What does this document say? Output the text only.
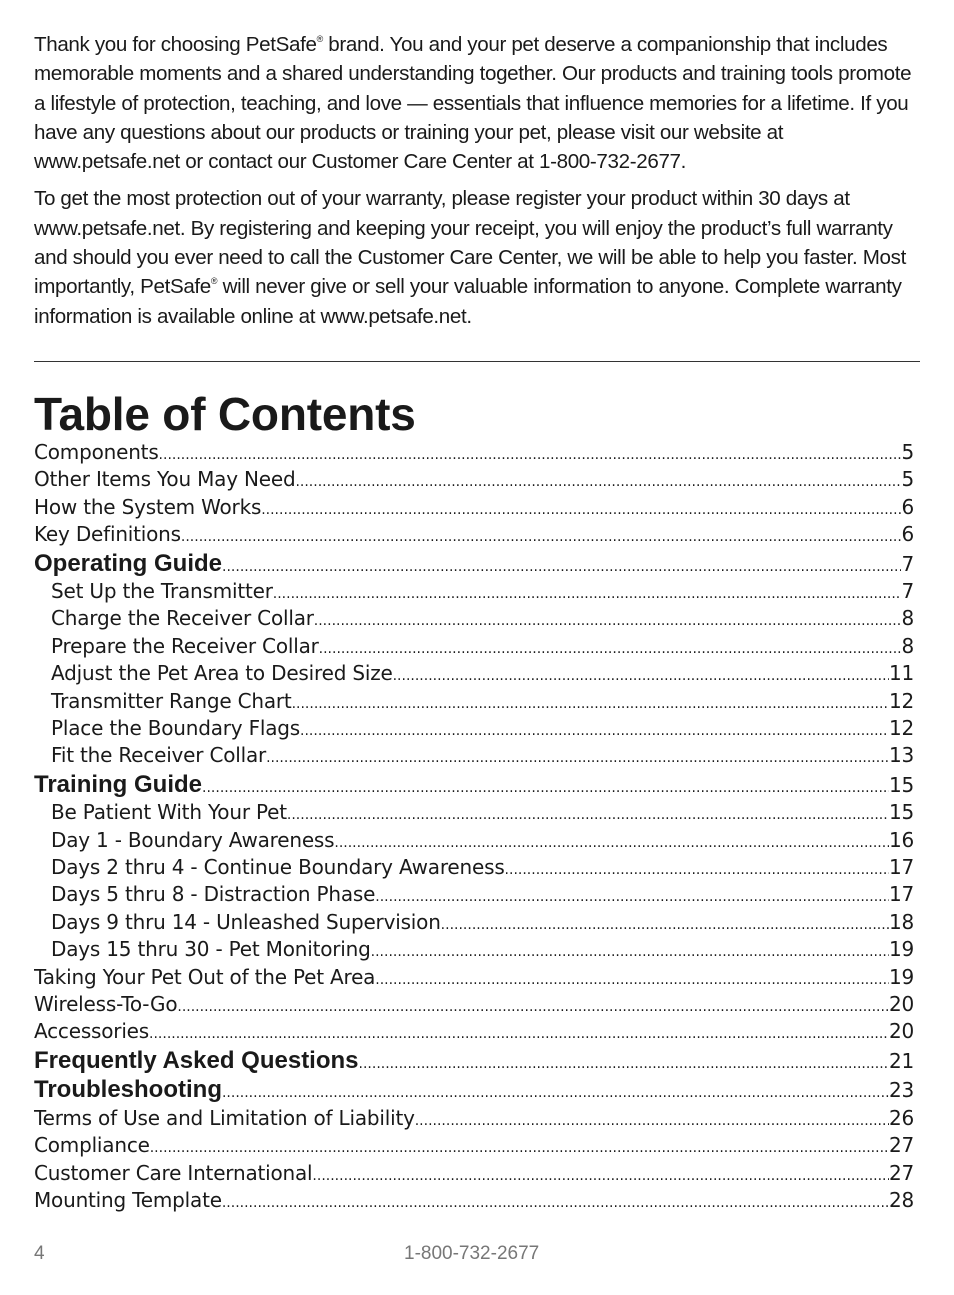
Thank you for choosing PetSafe® brand. You and your pet deserve a companionship that includes memorable moments and a shared understanding together. Our products and training tools promote a lifestyle of protection, teaching, and love — essentials that influence memories for a lifetime. If you have any questions about our products or training your pet, please visit our website at www.petsafe.net or contact our Customer Care Center at 1-800-732-2677.

To get the most protection out of your warranty, please register your product within 30 days at www.petsafe.net. By registering and keeping your receipt, you will enjoy the product’s full warranty and should you ever need to call the Customer Care Center, we will be able to help you faster. Most importantly, PetSafe® will never give or sell your valuable information to anyone. Complete warranty information is available online at www.petsafe.net.

Table of Contents
Components .....	5
Other Items You May Need .....	5
How the System Works .....	6
Key Definitions .....	6
Operating Guide .....	7
Set Up the Transmitter .....	7
Charge the Receiver Collar .....	8
Prepare the Receiver Collar .....	8
Adjust the Pet Area to Desired Size .....	11
Transmitter Range Chart .....	12
Place the Boundary Flags .....	12
Fit the Receiver Collar .....	13
Training Guide .....	15
Be Patient With Your Pet .....	15
Day 1 - Boundary Awareness .....	16
Days 2 thru 4 - Continue Boundary Awareness .....	17
Days 5 thru 8 - Distraction Phase .....	17
Days 9 thru 14 - Unleashed Supervision .....	18
Days 15 thru 30 - Pet Monitoring .....	19
Taking Your Pet Out of the Pet Area .....	19
Wireless-To-Go .....	20
Accessories .....	20
Frequently Asked Questions .....	21
Troubleshooting .....	23
Terms of Use and Limitation of Liability .....	26
Compliance .....	27
Customer Care International .....	27
Mounting Template .....	28
4	1-800-732-2677
